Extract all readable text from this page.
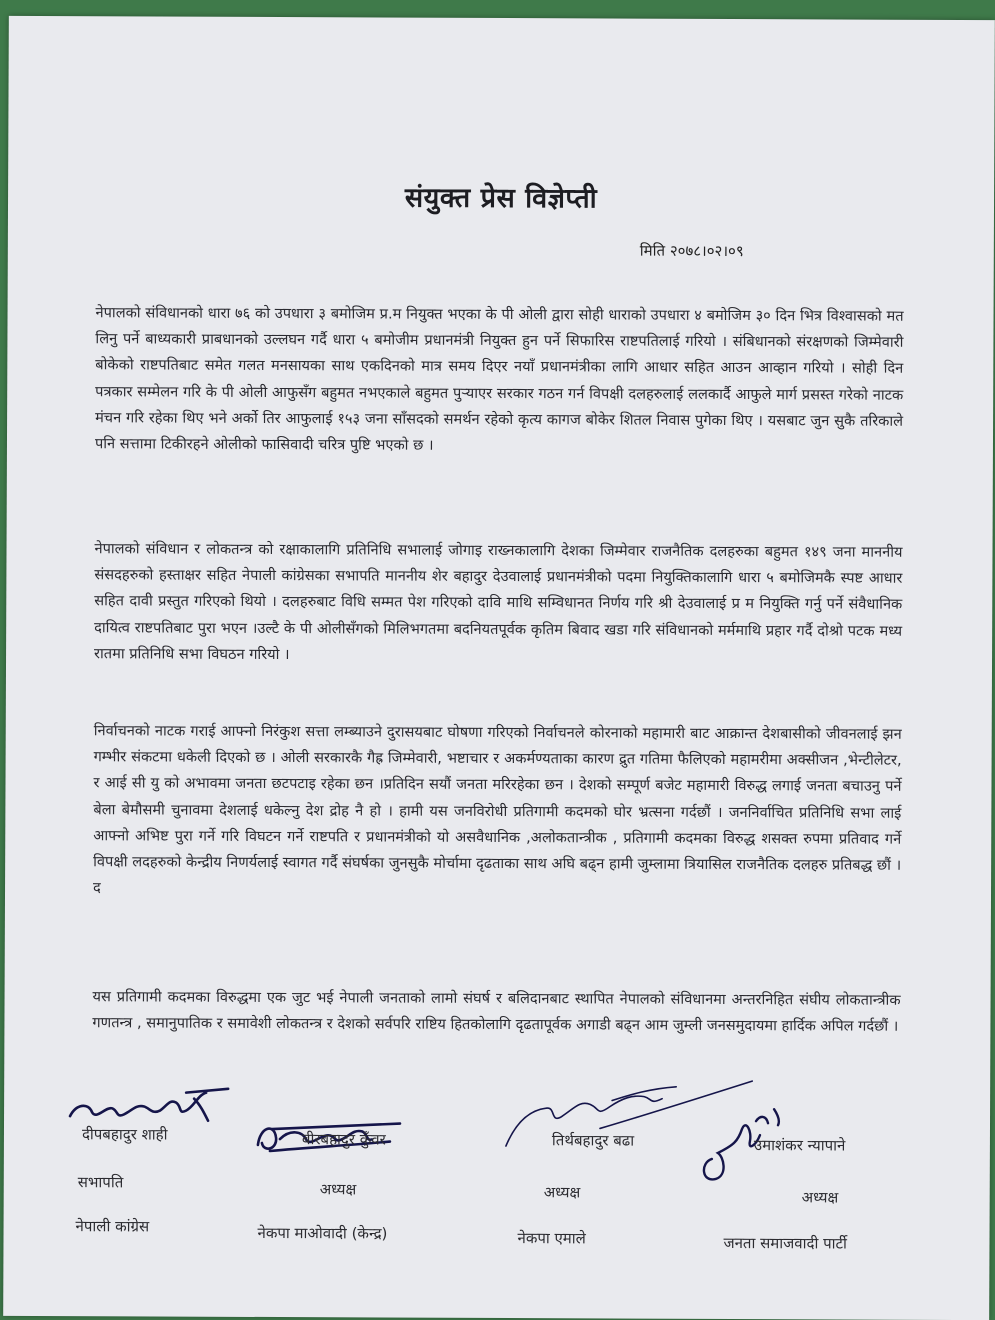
संयुक्त प्रेस विज्ञेप्ती
मिति २०७८।०२।०९

नेपालको संविधानको धारा ७६ को उपधारा ३ बमोजिम प्र.म नियुक्त भएका के पी ओली द्वारा सोही धाराको उपधारा ४ बमोजिम ३० दिन भित्र विश्वासको मत लिनु पर्ने बाध्यकारी प्राबधानको उल्लघन गर्दै धारा ५ बमोजीम प्रधानमंत्री नियुक्त हुन पर्ने सिफारिस राष्टपतिलाई गरियो । संबिधानको संरक्षणको जिम्मेवारी बोकेको राष्टपतिबाट समेत गलत मनसायका साथ एकदिनको मात्र समय दिएर नयाँ प्रधानमंत्रीका लागि आधार सहित आउन आव्हान गरियो । सोही दिन पत्रकार सम्मेलन गरि के पी ओली आफुसँग बहुमत नभएकाले बहुमत पुर्‍याएर सरकार गठन गर्न विपक्षी दलहरुलाई ललकार्दै आफुले मार्ग प्रसस्त गरेको नाटक मंचन गरि रहेका थिए भने अर्को तिर आफुलाई १५३ जना साँसदको समर्थन रहेको कृत्य कागज बोकेर शितल निवास पुगेका थिए । यसबाट जुन सुकै तरिकाले पनि सत्तामा टिकीरहने ओलीको फासिवादी चरित्र पुष्टि भएको छ ।

नेपालको संविधान र लोकतन्त्र को रक्षाकालागि प्रतिनिधि सभालाई जोगाइ राख्नकालागि देशका जिम्मेवार राजनैतिक दलहरुका बहुमत १४९ जना माननीय संसदहरुको हस्ताक्षर सहित नेपाली कांग्रेसका सभापति माननीय शेर बहादुर देउवालाई प्रधानमंत्रीको पदमा नियुक्तिकालागि धारा ५ बमोजिमकै स्पष्ट आधार सहित दावी प्रस्तुत गरिएको थियो । दलहरुबाट विधि सम्मत पेश गरिएको दावि माथि सम्विधानत निर्णय गरि श्री देउवालाई प्र म नियुक्ति गर्नु पर्ने संवैधानिक दायित्व राष्टपतिबाट पुरा भएन ।उल्टै के पी ओलीसँगको मिलिभगतमा बदनियतपूर्वक कृतिम बिवाद खडा गरि संविधानको मर्ममाथि प्रहार गर्दै दोश्रो पटक मध्य रातमा प्रतिनिधि सभा विघठन गरियो ।

निर्वाचनको नाटक गराई आफ्नो निरंकुश सत्ता लम्ब्याउने दुरासयबाट घोषणा गरिएको निर्वाचनले कोरनाको महामारी बाट आक्रान्त देशबासीको जीवनलाई झन गम्भीर संकटमा धकेली दिएको छ । ओली सरकारकै गैह्र जिम्मेवारी, भष्टाचार र अकर्मण्यताका कारण द्रुत गतिमा फैलिएको महामरीमा अक्सीजन ,भेन्टीलेटर, र आई सी यु को अभावमा जनता छटपटाइ रहेका छन ।प्रतिदिन सयौं जनता मरिरहेका छन । देशको सम्पूर्ण बजेट महामारी विरुद्ध लगाई जनता बचाउनु पर्ने बेला बेमौसमी चुनावमा देशलाई धकेल्नु देश द्रोह नै हो । हामी यस जनविरोधी प्रतिगामी कदमको घोर भ्रत्सना गर्दछौं । जननिर्वाचित प्रतिनिधि सभा लाई आफ्नो अभिष्ट पुरा गर्ने गरि विघटन गर्ने राष्टपति र प्रधानमंत्रीको यो असवैधानिक ,अलोकतान्त्रीक , प्रतिगामी कदमका विरुद्ध शसक्त रुपमा प्रतिवाद गर्ने विपक्षी लदहरुको केन्द्रीय निणर्यलाई स्वागत गर्दै संघर्षका जुनसुकै मोर्चामा दृढताका साथ अघि बढ्न हामी जुम्लामा त्रियासिल राजनैतिक दलहरु प्रतिबद्ध छौं । द

यस प्रतिगामी कदमका विरुद्धमा एक जुट भई नेपाली जनताको लामो संघर्ष र बलिदानबाट स्थापित नेपालको संविधानमा अन्तरनिहित संघीय लोकतान्त्रीक गणतन्त्र , समानुपातिक र समावेशी लोकतन्त्र र देशको सर्वपरि राष्टिय हितकोलागि दृढतापूर्वक अगाडी बढ्न आम जुम्ली जनसमुदायमा हार्दिक अपिल गर्दछौं ।

दीपबहादुर शाही
सभापति
नेपाली कांग्रेस
बीरबहादुर कुँवर
अध्यक्ष
नेकपा माओवादी (केन्द्र)
तिर्थबहादुर बढा
अध्यक्ष
नेकपा एमाले
उमाशंकर न्यापाने
अध्यक्ष
जनता समाजवादी पार्टी
